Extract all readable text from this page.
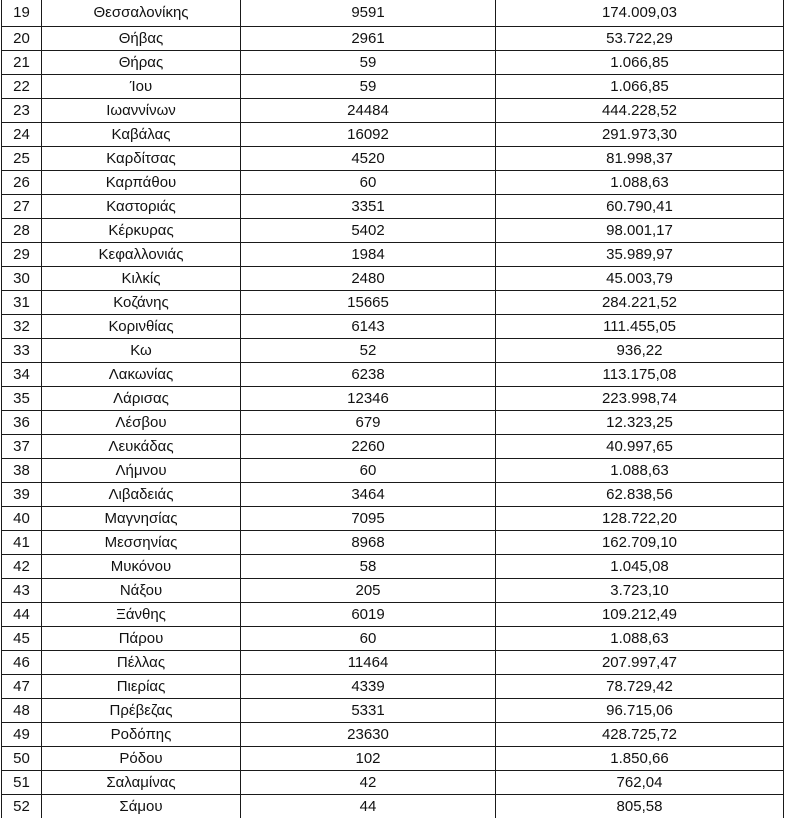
19	Θεσσαλονίκης	9591	174.009,03
20	Θήβας	2961	53.722,29
21	Θήρας	59	1.066,85
22	Ίου	59	1.066,85
23	Ιωαννίνων	24484	444.228,52
24	Καβάλας	16092	291.973,30
25	Καρδίτσας	4520	81.998,37
26	Καρπάθου	60	1.088,63
27	Καστοριάς	3351	60.790,41
28	Κέρκυρας	5402	98.001,17
29	Κεφαλλονιάς	1984	35.989,97
30	Κιλκίς	2480	45.003,79
31	Κοζάνης	15665	284.221,52
32	Κορινθίας	6143	111.455,05
33	Κω	52	936,22
34	Λακωνίας	6238	113.175,08
35	Λάρισας	12346	223.998,74
36	Λέσβου	679	12.323,25
37	Λευκάδας	2260	40.997,65
38	Λήμνου	60	1.088,63
39	Λιβαδειάς	3464	62.838,56
40	Μαγνησίας	7095	128.722,20
41	Μεσσηνίας	8968	162.709,10
42	Μυκόνου	58	1.045,08
43	Νάξου	205	3.723,10
44	Ξάνθης	6019	109.212,49
45	Πάρου	60	1.088,63
46	Πέλλας	11464	207.997,47
47	Πιερίας	4339	78.729,42
48	Πρέβεζας	5331	96.715,06
49	Ροδόπης	23630	428.725,72
50	Ρόδου	102	1.850,66
51	Σαλαμίνας	42	762,04
52	Σάμου	44	805,58
